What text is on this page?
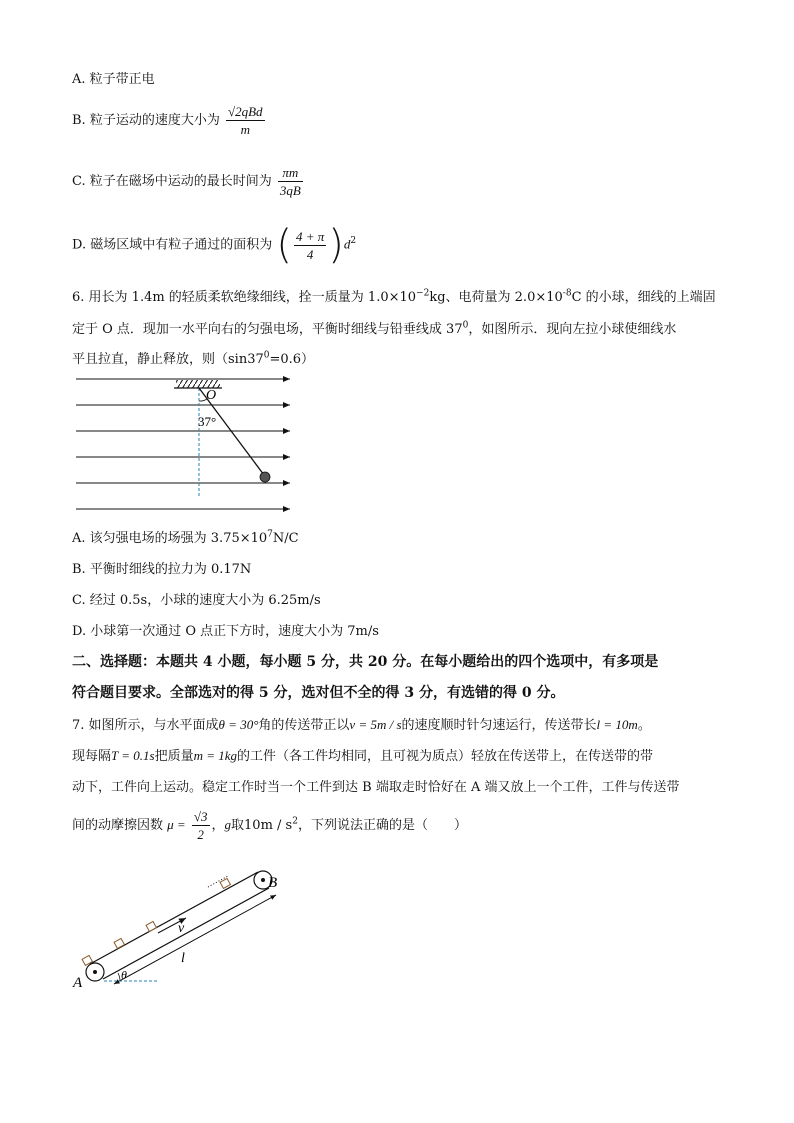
A. 粒子带正电
B. 粒子运动的速度大小为 $\frac{\text{√2qBd}}{m}$
C. 粒子在磁场中运动的最长时间为 $\frac{\pi m}{3qB}$
D. 磁场区域中有粒子通过的面积为 ( $\frac{4 + \pi}{4} )d^2$
6. 用长为 1.4m 的轻质柔软绝缘细线，拴一质量为 $1.0\times 10^{-2}kg$、电荷量为 $2.0\times 10^{-8}C$ 的小球，细线的上端固
定于 O 点．现加一水平向右的匀强电场，平衡时细线与铅垂线成 $37^0$，如图所示．现向左拉小球使细线水
平且拉直，静止释放，则$(\sin 37^0=0.6)$
O
37°
A. 该匀强电场的场强为 $3.75\times 10^7N/C$
B. 平衡时细线的拉力为 0.17N
C. 经过 0.5s，小球的速度大小为 6.25m/s
D. 小球第一次通过 O 点正下方时，速度大小为 7m/s
二、选择题：本题共 4 小题，每小题 5 分，共 20 分。在每小题给出的四个选项中，有多项是
符合题目要求。全部选对的得 5 分，选对但不全的得 3 分，有选错的得 0 分。
7. 如图所示，与水平面成θ = 30°角的传送带正以v = 5m / s的速度顺时针匀速运行，传送带长l = 10m。
现每隔T = 0.1s把质量m = 1kg的工件（各工件均相同，且可视为质点）轻放在传送带上，在传送带的带
动下，工件向上运动。稳定工作时当一个工件到达 B 端取走时恰好在 A 端又放上一个工件，工件与传送带
间的动摩擦因数 $\mu = \frac{√3}{2}$ ，g取$10m / s^2$，下列说法正确的是（　　）
A
B
v
l
θ
